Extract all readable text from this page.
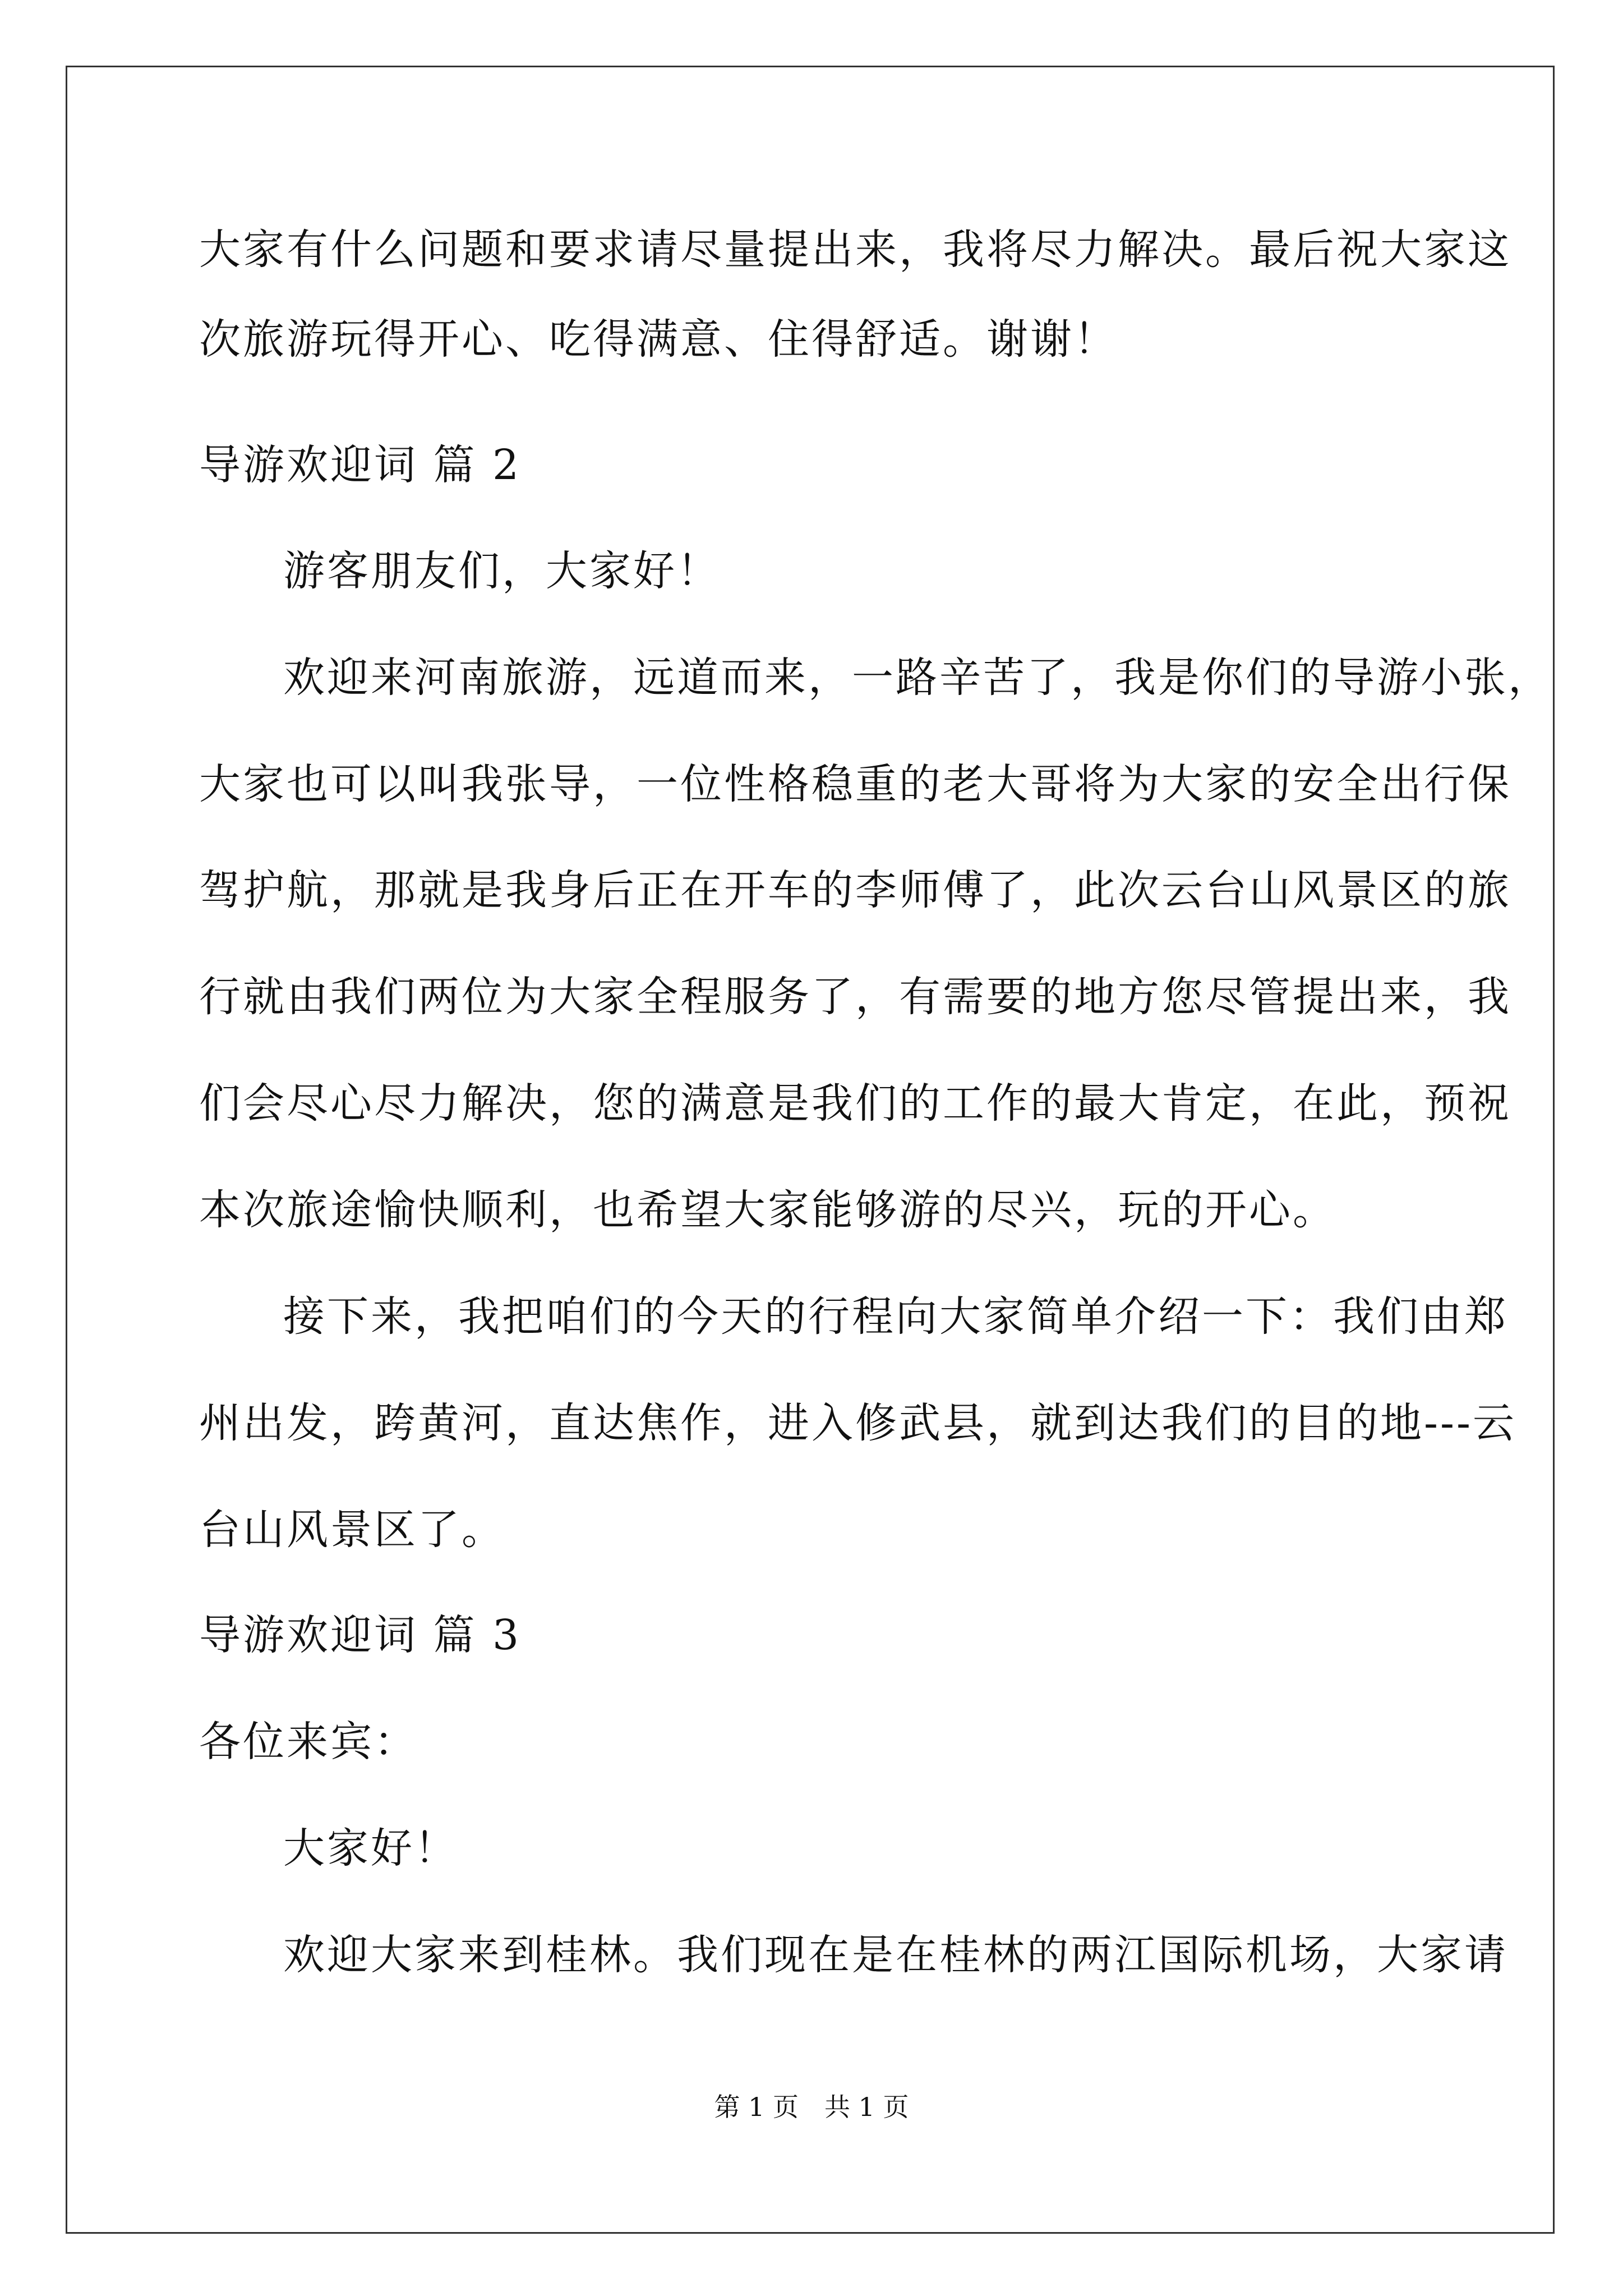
大家有什么问题和要求请尽量提出来，我将尽力解决。最后祝大家这
次旅游玩得开心、吃得满意、住得舒适。谢谢！
导游欢迎词 篇 2
游客朋友们，大家好！
欢迎来河南旅游，远道而来，一路辛苦了，我是你们的导游小张，
大家也可以叫我张导，一位性格稳重的老大哥将为大家的安全出行保
驾护航，那就是我身后正在开车的李师傅了，此次云台山风景区的旅
行就由我们两位为大家全程服务了，有需要的地方您尽管提出来，我
们会尽心尽力解决，您的满意是我们的工作的最大肯定，在此，预祝
本次旅途愉快顺利，也希望大家能够游的尽兴，玩的开心。
接下来，我把咱们的今天的行程向大家简单介绍一下：我们由郑
州出发，跨黄河，直达焦作，进入修武县，就到达我们的目的地---云
台山风景区了。
导游欢迎词 篇 3
各位来宾：
大家好！
欢迎大家来到桂林。我们现在是在桂林的两江国际机场，大家请
第 1 页　共 1 页
